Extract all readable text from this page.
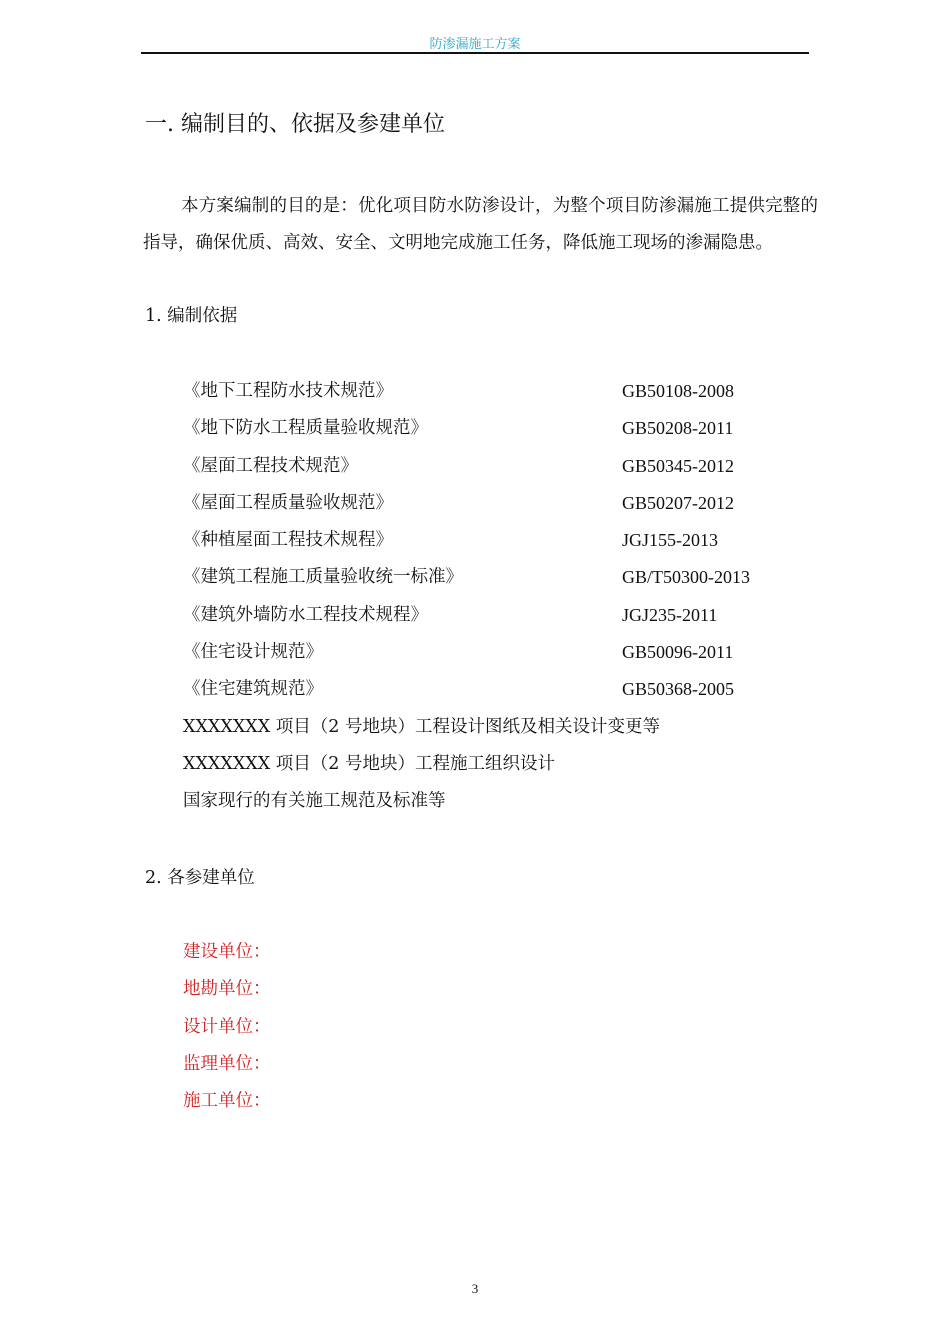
防渗漏施工方案
一. 编制目的、依据及参建单位

本方案编制的目的是：优化项目防水防渗设计，为整个项目防渗漏施工提供完整的指导，确保优质、高效、安全、文明地完成施工任务，降低施工现场的渗漏隐患。

1. 编制依据
《地下工程防水技术规范》	GB50108-2008
《地下防水工程质量验收规范》	GB50208-2011
《屋面工程技术规范》	GB50345-2012
《屋面工程质量验收规范》	GB50207-2012
《种植屋面工程技术规程》	JGJ155-2013
《建筑工程施工质量验收统一标准》	GB/T50300-2013
《建筑外墙防水工程技术规程》	JGJ235-2011
《住宅设计规范》	GB50096-2011
《住宅建筑规范》	GB50368-2005
XXXXXXX 项目（2 号地块）工程设计图纸及相关设计变更等
XXXXXXX 项目（2 号地块）工程施工组织设计
国家现行的有关施工规范及标准等
2. 各参建单位
建设单位：
地勘单位：
设计单位：
监理单位：
施工单位：
3
